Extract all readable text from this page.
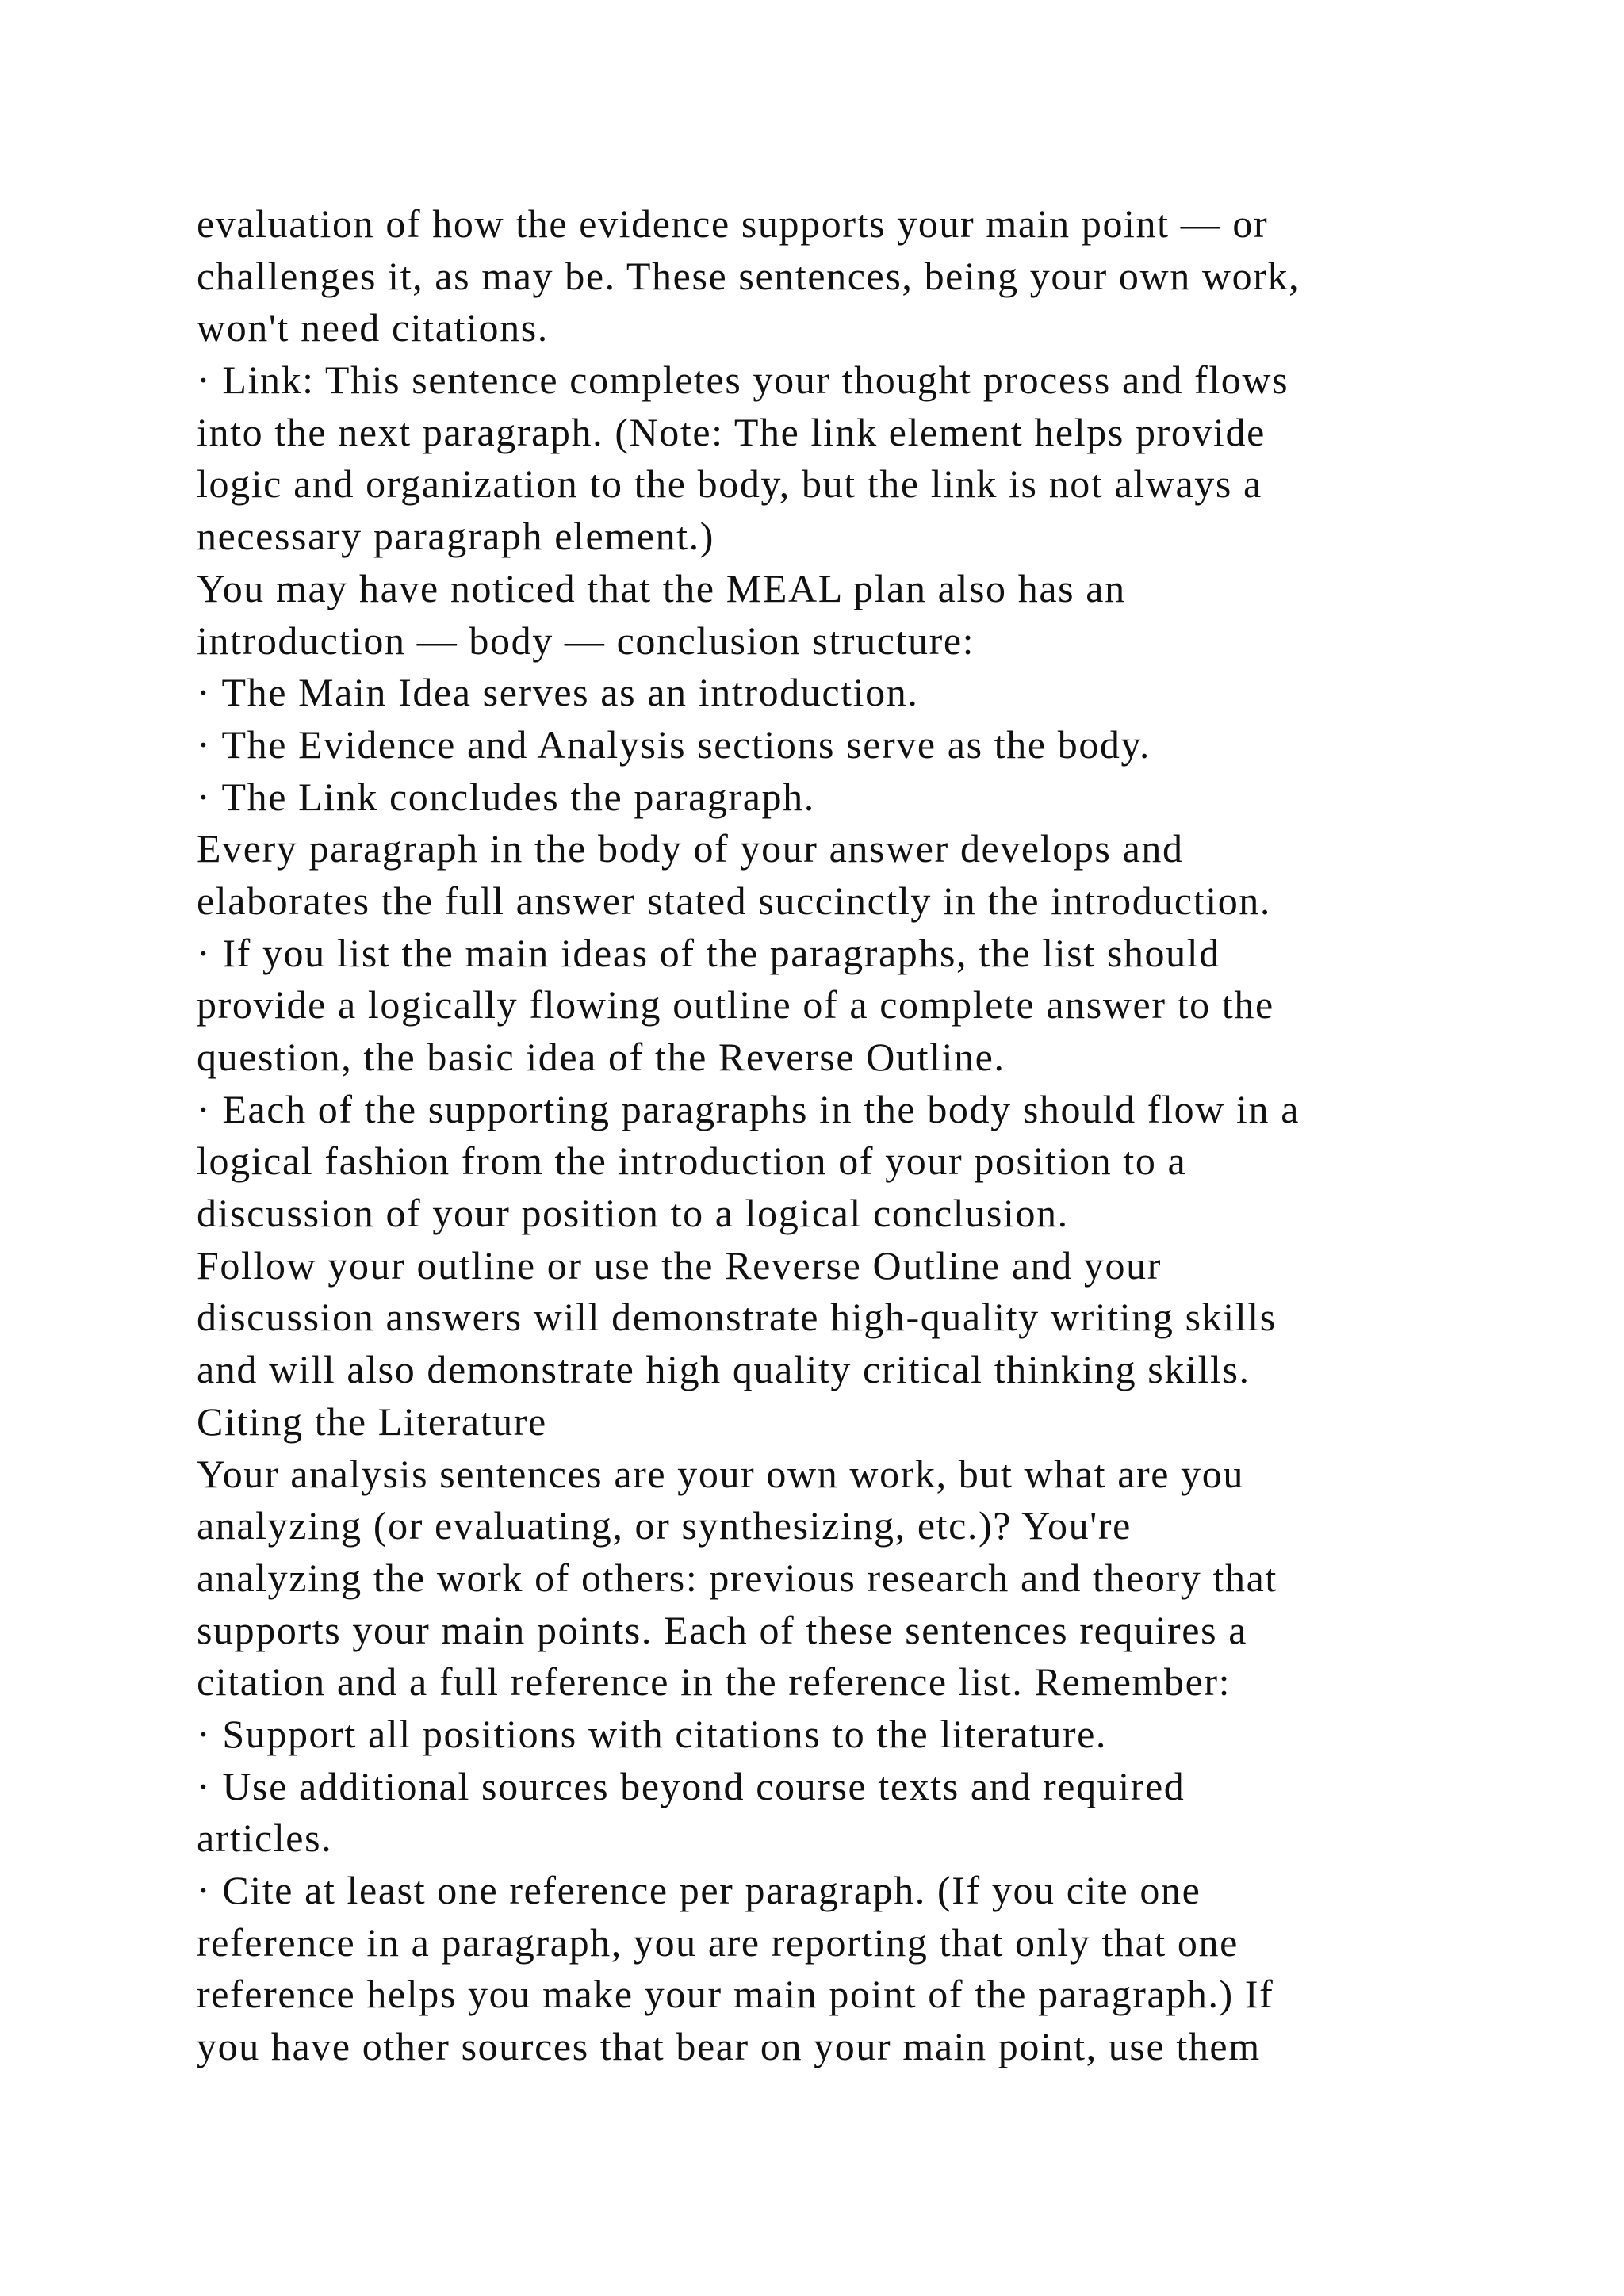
evaluation of how the evidence supports your main point — or
challenges it, as may be. These sentences, being your own work,
won't need citations.
· Link: This sentence completes your thought process and flows
into the next paragraph. (Note: The link element helps provide
logic and organization to the body, but the link is not always a
necessary paragraph element.)
You may have noticed that the MEAL plan also has an
introduction — body — conclusion structure:
· The Main Idea serves as an introduction.
· The Evidence and Analysis sections serve as the body.
· The Link concludes the paragraph.
Every paragraph in the body of your answer develops and
elaborates the full answer stated succinctly in the introduction.
· If you list the main ideas of the paragraphs, the list should
provide a logically flowing outline of a complete answer to the
question, the basic idea of the Reverse Outline.
· Each of the supporting paragraphs in the body should flow in a
logical fashion from the introduction of your position to a
discussion of your position to a logical conclusion.
Follow your outline or use the Reverse Outline and your
discussion answers will demonstrate high-quality writing skills
and will also demonstrate high quality critical thinking skills.
Citing the Literature
Your analysis sentences are your own work, but what are you
analyzing (or evaluating, or synthesizing, etc.)? You're
analyzing the work of others: previous research and theory that
supports your main points. Each of these sentences requires a
citation and a full reference in the reference list. Remember:
· Support all positions with citations to the literature.
· Use additional sources beyond course texts and required
articles.
· Cite at least one reference per paragraph. (If you cite one
reference in a paragraph, you are reporting that only that one
reference helps you make your main point of the paragraph.) If
you have other sources that bear on your main point, use them
